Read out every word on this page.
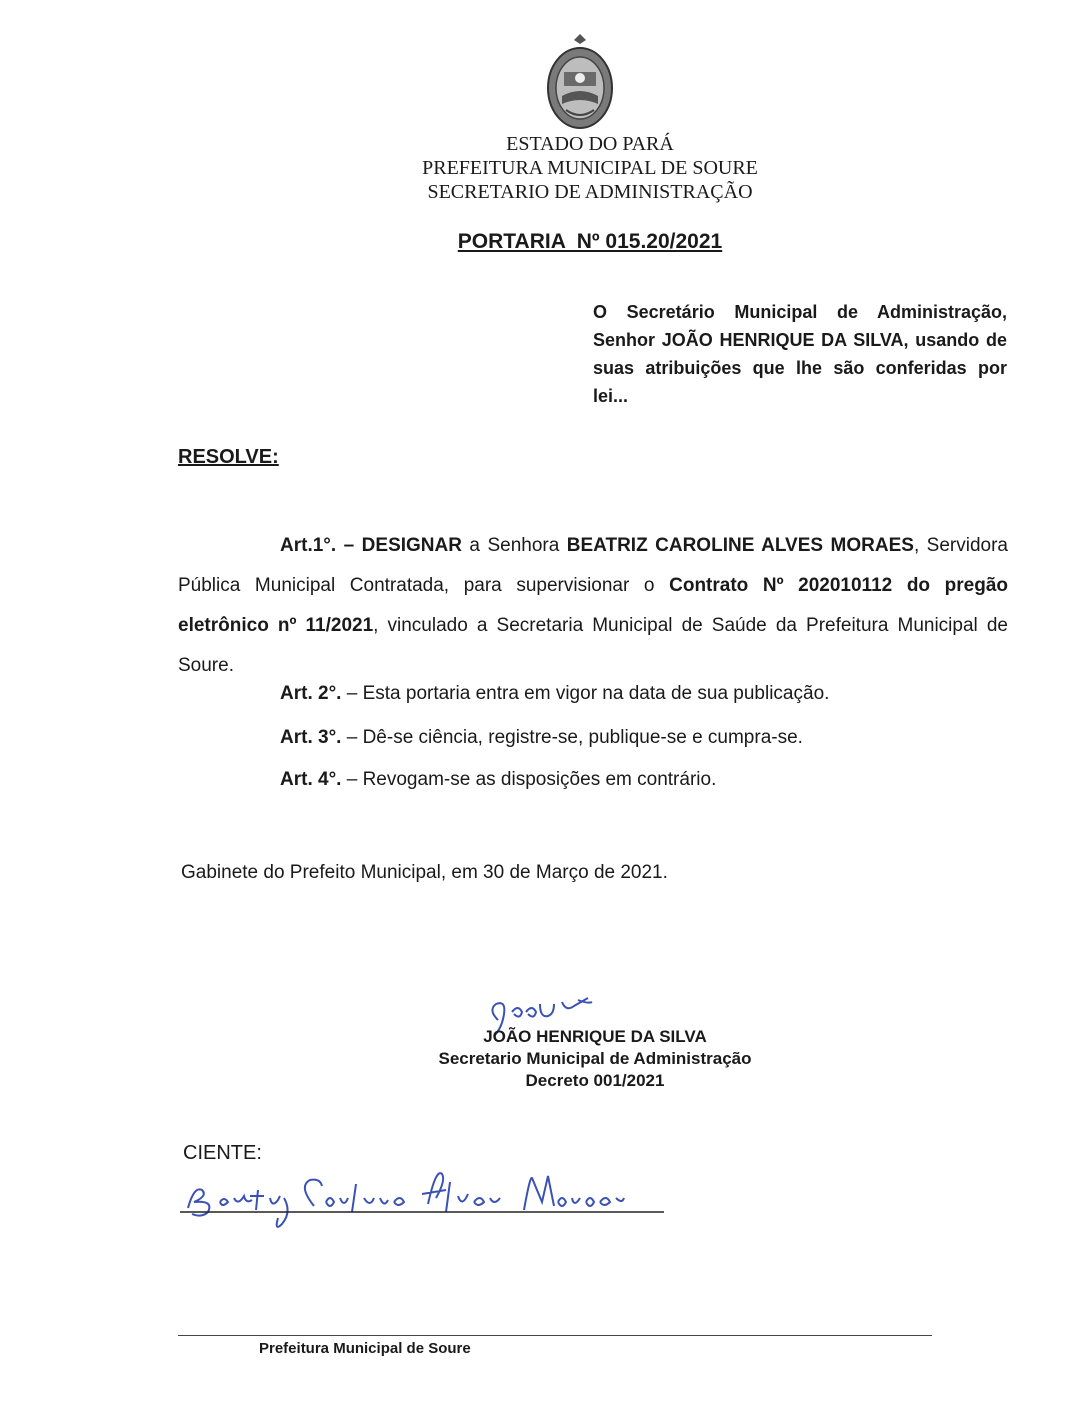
ESTADO DO PARÁ
PREFEITURA MUNICIPAL DE SOURE
SECRETARIO DE ADMINISTRAÇÃO
PORTARIA  Nº 015.20/2021
O Secretário Municipal de Administração, Senhor JOÃO HENRIQUE DA SILVA, usando de suas atribuições que lhe são conferidas por lei...
RESOLVE:
Art.1°. – DESIGNAR a Senhora BEATRIZ CAROLINE ALVES MORAES, Servidora Pública Municipal Contratada, para supervisionar o Contrato Nº 202010112 do pregão eletrônico nº 11/2021, vinculado a Secretaria Municipal de Saúde da Prefeitura Municipal de Soure.
Art. 2°. – Esta portaria entra em vigor na data de sua publicação.
Art. 3°. – Dê-se ciência, registre-se, publique-se e cumpra-se.
Art. 4°. – Revogam-se as disposições em contrário.
Gabinete do Prefeito Municipal, em 30 de Março de 2021.
JOÃO HENRIQUE DA SILVA
Secretario Municipal de Administração
Decreto 001/2021
CIENTE:
Prefeitura Municipal de Soure
